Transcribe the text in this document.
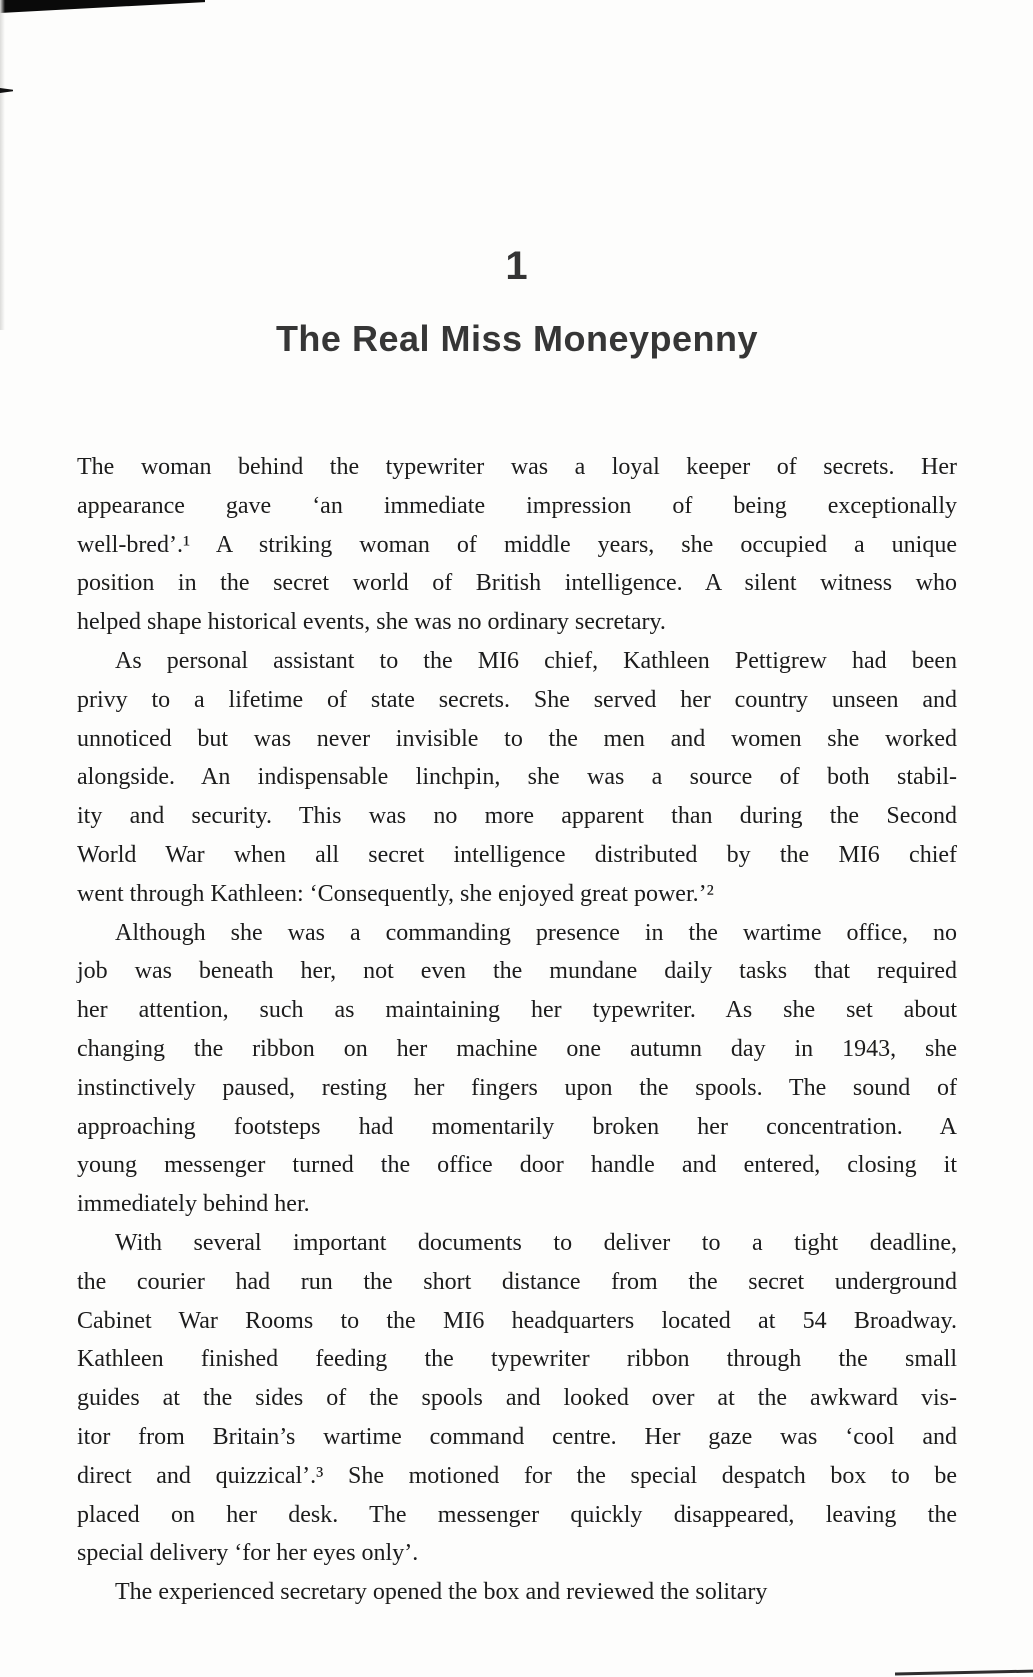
1
The Real Miss Moneypenny

The woman behind the typewriter was a loyal keeper of secrets. Her
appearance gave ‘an immediate impression of being exceptionally
well-bred’.¹ A striking woman of middle years, she occupied a unique
position in the secret world of British intelligence. A silent witness who
helped shape historical events, she was no ordinary secretary.

As personal assistant to the MI6 chief, Kathleen Pettigrew had been
privy to a lifetime of state secrets. She served her country unseen and
unnoticed but was never invisible to the men and women she worked
alongside. An indispensable linchpin, she was a source of both stabil-
ity and security. This was no more apparent than during the Second
World War when all secret intelligence distributed by the MI6 chief
went through Kathleen: ‘Consequently, she enjoyed great power.’²

Although she was a commanding presence in the wartime office, no
job was beneath her, not even the mundane daily tasks that required
her attention, such as maintaining her typewriter. As she set about
changing the ribbon on her machine one autumn day in 1943, she
instinctively paused, resting her fingers upon the spools. The sound of
approaching footsteps had momentarily broken her concentration. A
young messenger turned the office door handle and entered, closing it
immediately behind her.

With several important documents to deliver to a tight deadline,
the courier had run the short distance from the secret underground
Cabinet War Rooms to the MI6 headquarters located at 54 Broadway.
Kathleen finished feeding the typewriter ribbon through the small
guides at the sides of the spools and looked over at the awkward vis-
itor from Britain’s wartime command centre. Her gaze was ‘cool and
direct and quizzical’.³ She motioned for the special despatch box to be
placed on her desk. The messenger quickly disappeared, leaving the
special delivery ‘for her eyes only’.

The experienced secretary opened the box and reviewed the solitary
